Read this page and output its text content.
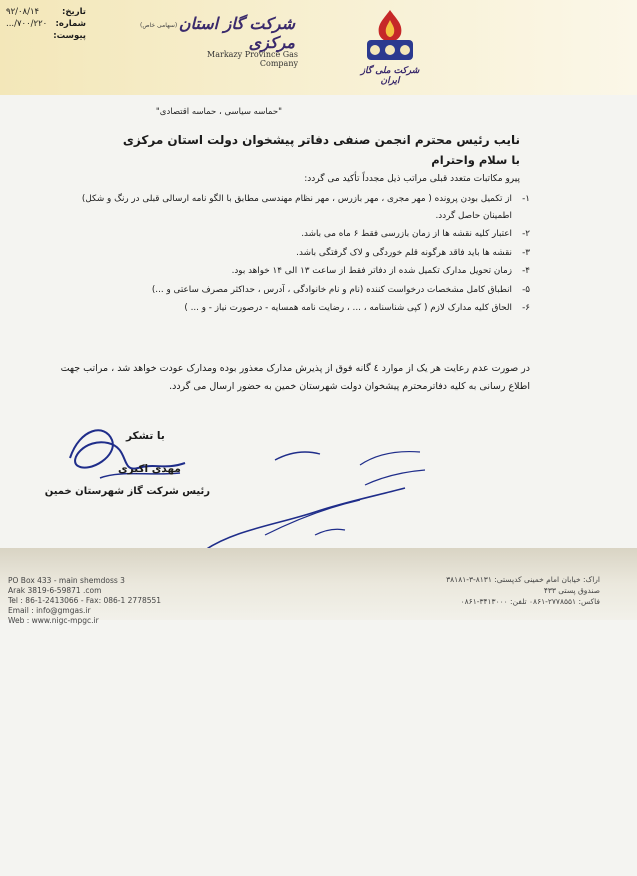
تاریخ:
۹۲/۰۸/۱۴
شماره:
۷۰۰/۲۲۰/...
پیوست:
شرکت گاز استان مرکزی
(سهامی خاص)
Markazy Province Gas Company
شرکت ملی گاز ایران
"حماسه سیاسی ، حماسه اقتصادی"
نایب رئیس محترم انجمن صنفی دفاتر پیشخوان دولت استان مرکزی
با سلام واحترام
پیرو مکاتبات متعدد قبلی مراتب ذیل مجدداً تأکید می گردد:
۱-
از تکمیل بودن پرونده ( مهر مجری ، مهر بازرس ، مهر نظام مهندسی مطابق با الگو نامه ارسالی قبلی در رنگ و شکل) اطمینان حاصل گردد.
۲-
اعتبار کلیه نقشه ها از زمان بازرسی فقط ۶ ماه می باشد.
۳-
نقشه ها باید فاقد هرگونه قلم خوردگی و لاک گرفتگی باشد.
۴-
زمان تحویل مدارک تکمیل شده از دفاتر فقط از ساعت ۱۳ الی ۱۴ خواهد بود.
۵-
انطباق کامل مشخصات درخواست کننده (نام و نام خانوادگی ، آدرس ، حداکثر مصرف ساعتی و ...)
۶-
الحاق کلیه مدارک لازم ( کپی شناسنامه ، ... ، رضایت نامه همسایه - درصورت نیاز - و ... )
در صورت عدم رعایت هر یک از موارد ٤ گانه فوق از پذیرش مدارک معذور بوده ومدارک عودت خواهد شد ، مراتب جهت اطلاع رسانی به کلیه دفاترمحترم پیشخوان دولت شهرستان خمین به حضور ارسال می گردد.
با تشکر
مهدی اکبری
رئیس شرکت گاز شهرستان خمین
PO Box 433 - main shemdoss 3
Arak 3819-6-59871 .com
Tel : 86-1-2413066 - Fax: 086-1 2778551
Email : info@gmgas.ir
Web : www.nigc-mpgc.ir
اراک: خیابان امام خمینی کدپستی: ۸۱۳۱-۳-۳۸۱۸۱
صندوق پستی ۴۳۳
فاکس: ۲۷۷۸۵۵۱-۰۸۶۱ تلفن: ۳۴۱۳۰۰۰-۰۸۶۱
